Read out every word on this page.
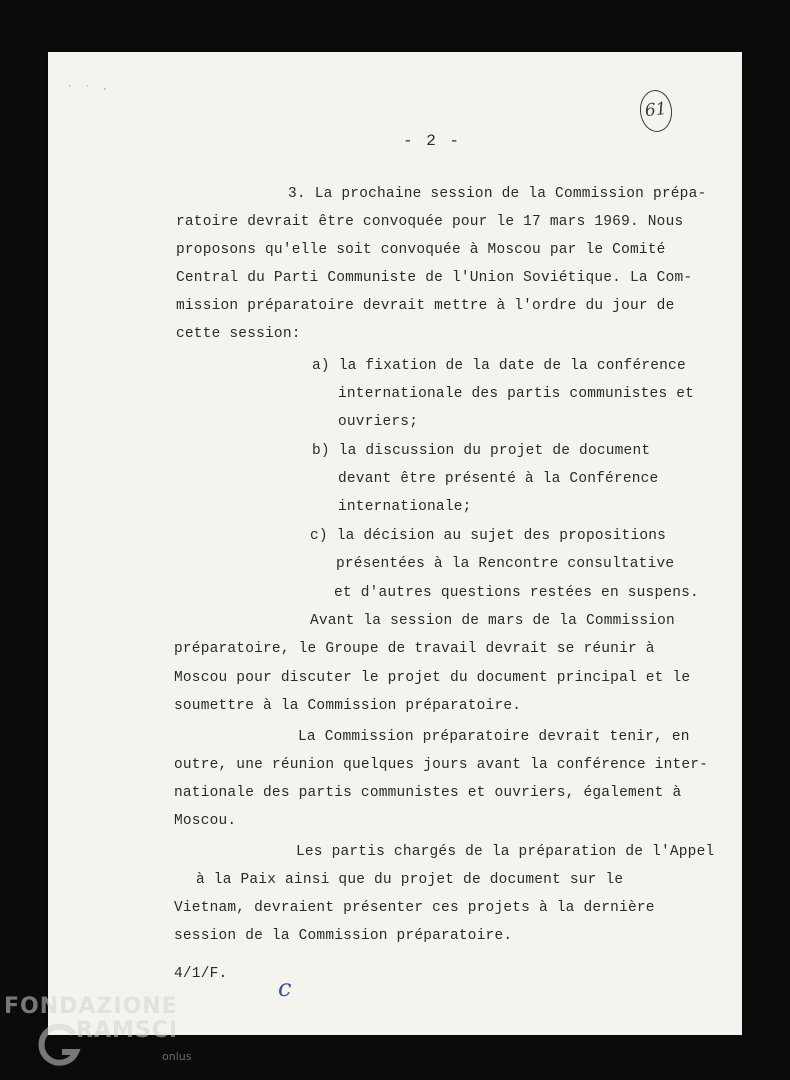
· · ,
61
- 2 -
3. La prochaine session de la Commission prépa-
ratoire devrait être convoquée pour le 17 mars 1969. Nous
proposons qu'elle soit convoquée à Moscou par le Comité
Central du Parti Communiste de l'Union Soviétique. La Com-
mission préparatoire devrait mettre à l'ordre du jour de
cette session:
a) la fixation de la date de la conférence
internationale des partis communistes et
ouvriers;
b) la discussion du projet de document
devant être présenté à la Conférence
internationale;
c) la décision au sujet des propositions
présentées à la Rencontre consultative
et d'autres questions restées en suspens.
Avant la session de mars de la Commission
préparatoire, le Groupe de travail devrait se réunir à
Moscou pour discuter le projet du document principal et le
soumettre à la Commission préparatoire.
La Commission préparatoire devrait tenir, en
outre, une réunion quelques jours avant la conférence inter-
nationale des partis communistes et ouvriers, également à
Moscou.
Les partis chargés de la préparation de l'Appel
à la Paix ainsi que du projet de document sur le
Vietnam, devraient présenter ces projets à la dernière
session de la Commission préparatoire.
4/1/F. c
FONDAZIONE
RAMSCI
onlus
